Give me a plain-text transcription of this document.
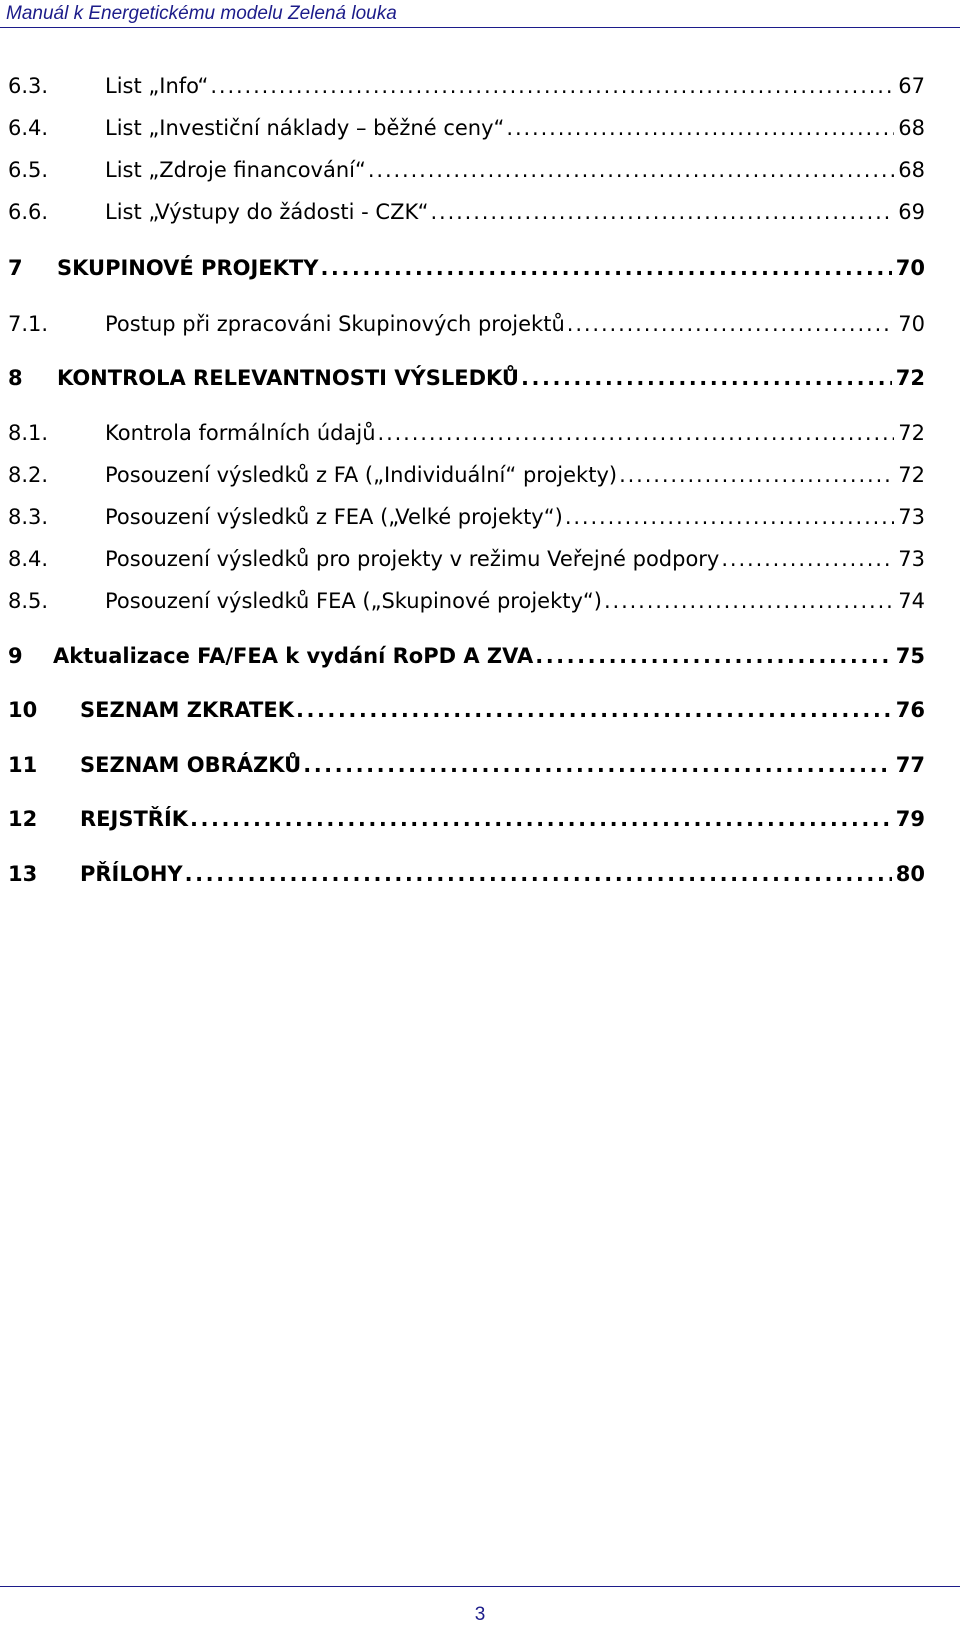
Manuál k Energetickému modelu Zelená louka
6.3.	List „Info“ . . .	67
6.4.	List „Investiční náklady – běžné ceny“ . . .	68
6.5.	List „Zdroje financování“ . . .	68
6.6.	List „Výstupy do žádosti - CZK“ . . .	69
7	SKUPINOVÉ PROJEKTY . . .	70
7.1.	Postup při zpracováni Skupinových projektů . . .	70
8	KONTROLA RELEVANTNOSTI VÝSLEDKŮ . . .	72
8.1.	Kontrola formálních údajů . . .	72
8.2.	Posouzení výsledků z FA („Individuální“ projekty) . . .	72
8.3.	Posouzení výsledků z FEA („Velké projekty“) . . .	73
8.4.	Posouzení výsledků pro projekty v režimu Veřejné podpory . . .	73
8.5.	Posouzení výsledků FEA („Skupinové projekty“) . . .	74
9	Aktualizace FA/FEA k vydání RoPD A ZVA . . .	75
10	SEZNAM ZKRATEK . . .	76
11	SEZNAM OBRÁZKŮ . . .	77
12	REJSTŘÍK . . .	79
13	PŘÍLOHY . . .	80
3
